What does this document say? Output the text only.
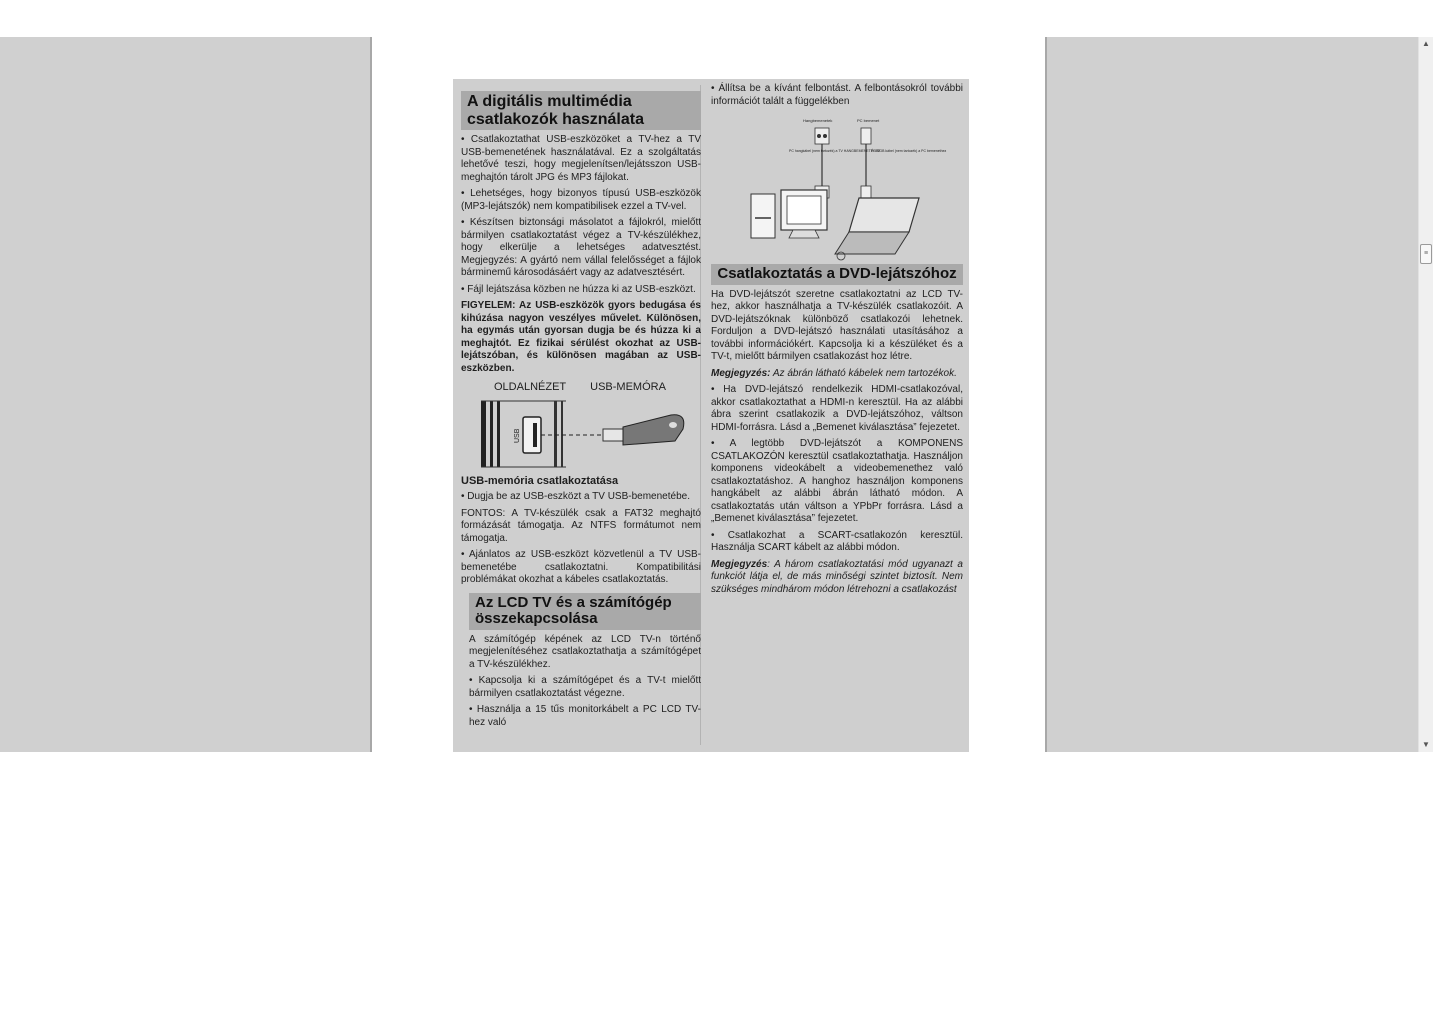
A digitális multimédia
csatlakozók használata

• Csatlakoztathat USB-eszközöket a TV-hez a TV USB-bemenetének használatával. Ez a szolgáltatás lehetővé teszi, hogy megjelenítsen/lejátsszon USB-meghajtón tárolt JPG és MP3 fájlokat.

• Lehetséges, hogy bizonyos típusú USB-eszközök (MP3-lejátszók) nem kompatibilisek ezzel a TV-vel.

• Készítsen biztonsági másolatot a fájlokról, mielőtt bármilyen csatlakoztatást végez a TV-készülékhez, hogy elkerülje a lehetséges adatvesztést. Megjegyzés: A gyártó nem vállal felelősséget a fájlok bárminemű károsodásáért vagy az adatvesztésért.

• Fájl lejátszása közben ne húzza ki az USB-eszközt.

FIGYELEM: Az USB-eszközök gyors bedugása és kihúzása nagyon veszélyes művelet. Különösen, ha egymás után gyorsan dugja be és húzza ki a meghajtót. Ez fizikai sérülést okozhat az USB-lejátszóban, és különösen magában az USB-eszközben.

OLDALNÉZET USB-MEMÓRA
USB
USB-memória csatlakoztatása

• Dugja be az USB-eszközt a TV USB-bemenetébe.

FONTOS: A TV-készülék csak a FAT32 meghajtó formázását támogatja. Az NTFS formátumot nem támogatja.

• Ajánlatos az USB-eszközt közvetlenül a TV USB-bemenetébe csatlakoztatni. Kompatibilitási problémákat okozhat a kábeles csatlakoztatás.

Az LCD TV és a számítógép
összekapcsolása

A számítógép képének az LCD TV-n történő megjelenítéséhez csatlakoztathatja a számítógépet a TV-készülékhez.

• Kapcsolja ki a számítógépet és a TV-t mielőtt bármilyen csatlakoztatást végezne.

• Használja a 15 tűs monitorkábelt a PC LCD TV-hez való

• Állítsa be a kívánt felbontást. A felbontásokról további információt talált a függelékben

Hangbemenetek	PC bemenet
PC hangkábel (nem tartozék) a TV HANGBEMENETÉHEZ
PC RGB kábel (nem tartozék) a PC bemenethez
Csatlakoztatás a DVD-lejátszóhoz

Ha DVD-lejátszót szeretne csatlakoztatni az LCD TV-hez, akkor használhatja a TV-készülék csatlakozóit. A DVD-lejátszóknak különböző csatlakozói lehetnek. Forduljon a DVD-lejátszó használati utasításához a további információkért. Kapcsolja ki a készüléket és a TV-t, mielőtt bármilyen csatlakozást hoz létre.

Megjegyzés: Az ábrán látható kábelek nem tartozékok.

• Ha DVD-lejátszó rendelkezik HDMI-csatlakozóval, akkor csatlakoztathat a HDMI-n keresztül. Ha az alábbi ábra szerint csatlakozik a DVD-lejátszóhoz, váltson HDMI-forrásra. Lásd a „Bemenet kiválasztása” fejezetet.

• A legtöbb DVD-lejátszót a KOMPONENS CSATLAKOZÓN keresztül csatlakoztathatja. Használjon komponens videokábelt a videobemenethez való csatlakoztatáshoz. A hanghoz használjon komponens hangkábelt az alábbi ábrán látható módon. A csatlakoztatás után váltson a YPbPr forrásra. Lásd a „Bemenet kiválasztása” fejezetet.

• Csatlakozhat a SCART-csatlakozón keresztül. Használja SCART kábelt az alábbi módon.

Megjegyzés: A három csatlakoztatási mód ugyanazt a funkciót látja el, de más minőségi szintet biztosít. Nem szükséges mindhárom módon létrehozni a csatlakozást

▲
≡
▼
